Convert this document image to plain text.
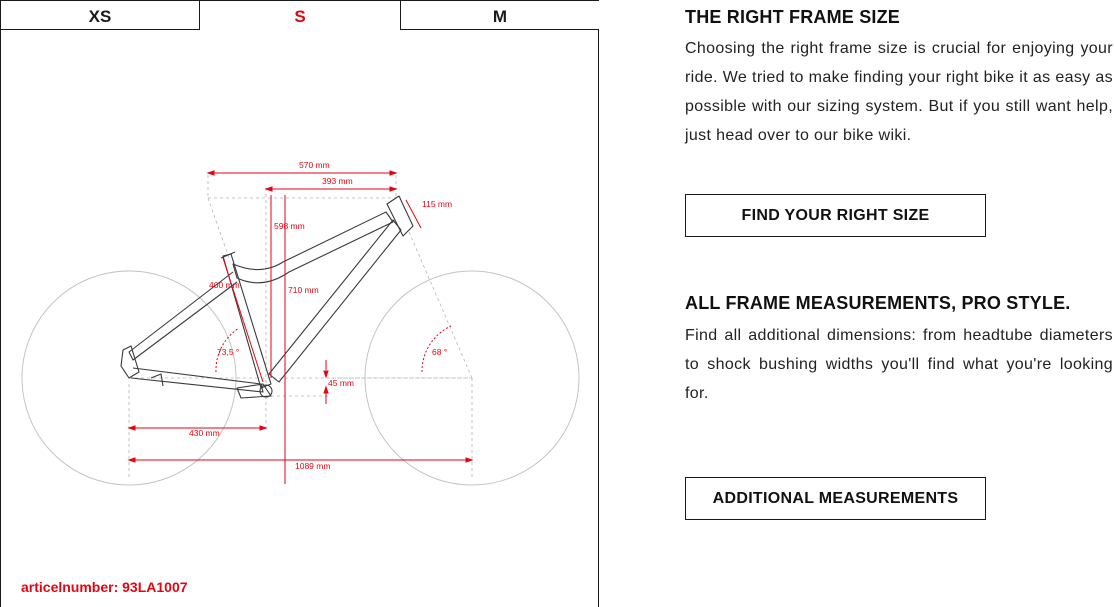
XS	S	M
570 mm
393 mm
115 mm
598 mm
400 mm	710 mm
73,5 °	68 °
45 mm
430 mm
1089 mm
articelnumber: 93LA1007
THE RIGHT FRAME SIZE

Choosing the right frame size is crucial for enjoying your ride. We tried to make finding your right bike it as easy as possible with our sizing system. But if you still want help, just head over to our bike wiki.

FIND YOUR RIGHT SIZE
ALL FRAME MEASUREMENTS, PRO STYLE.

Find all additional dimensions: from headtube diameters to shock bushing widths you'll find what you're looking for.

ADDITIONAL MEASUREMENTS
